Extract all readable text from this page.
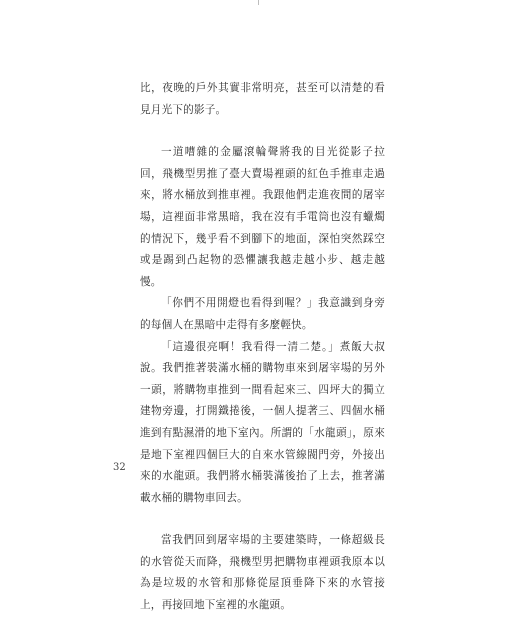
比，夜晚的戶外其實非常明亮，甚至可以清楚的看見月光下的影子。

一道嘈雜的金屬滾輪聲將我的目光從影子拉回，飛機型男推了臺大賣場裡頭的紅色手推車走過來，將水桶放到推車裡。我跟他們走進夜間的屠宰場，這裡面非常黑暗，我在沒有手電筒也沒有蠟燭的情況下，幾乎看不到腳下的地面，深怕突然踩空或是踢到凸起物的恐懼讓我越走越小步、越走越慢。

「你們不用開燈也看得到喔？」我意識到身旁的每個人在黑暗中走得有多麼輕快。

「這邊很亮啊！我看得一清二楚。」煮飯大叔說。我們推著裝滿水桶的購物車來到屠宰場的另外一頭，將購物車推到一間看起來三、四坪大的獨立建物旁邊，打開鐵捲後，一個人提著三、四個水桶進到有點濕滑的地下室內。所謂的「水龍頭」，原來是地下室裡四個巨大的自來水管線閥門旁，外接出來的水龍頭。我們將水桶裝滿後抬了上去，推著滿載水桶的購物車回去。

當我們回到屠宰場的主要建築時，一條超級長的水管從天而降，飛機型男把購物車裡頭我原本以為是垃圾的水管和那條從屋頂垂降下來的水管接上，再接回地下室裡的水龍頭。

32
